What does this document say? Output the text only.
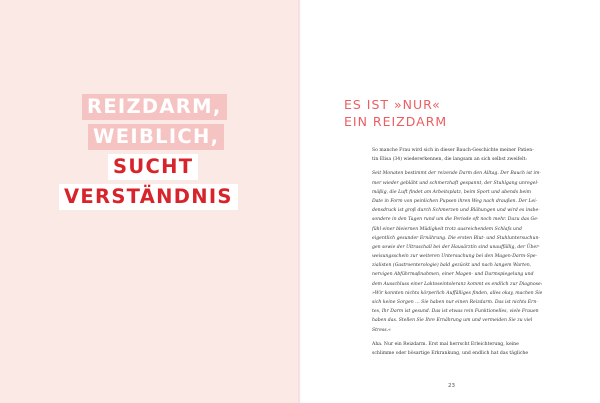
REIZDARM,
WEIBLICH,
SUCHT
VERSTÄNDNIS
ES IST »NUR«
EIN REIZDARM

So manche Frau wird sich in dieser Bauch-Geschichte meiner Patien-
tin Elisa (34) wiedererkennen, die langsam an sich selbst zweifelt:

Seit Monaten bestimmt der reizende Darm den Alltag. Der Bauch ist im-
mer wieder gebläht und schmerzhaft gespannt, der Stuhlgang unregel-
mäßig, die Luft findet am Arbeitsplatz, beim Sport und abends beim
Date in Form von peinlichen Pupsen ihren Weg nach draußen. Der Lei-
densdruck ist groß durch Schmerzen und Blähungen und wird es insbe-
sondere in den Tagen rund um die Periode oft noch mehr. Dazu das Ge-
fühl einer bleiernen Müdigkeit trotz ausreichendem Schlafs und
eigentlich gesunder Ernährung. Die ersten Blut- und Stuhluntersuchun-
gen sowie der Ultraschall bei der Hausärztin sind unauffällig, der Über-
weisungsschein zur weiteren Untersuchung bei den Magen-Darm-Spe-
zialisten (Gastroenterologie) bald gezückt und nach langem Warten,
nervigen Abführmaßnahmen, einer Magen- und Darmspiegelung und
dem Ausschluss einer Laktoseintoleranz kommt es endlich zur Diagnose:
»Wir konnten nichts körperlich Auffälliges finden, alles okay, machen Sie
sich keine Sorgen … Sie haben nur einen Reizdarm. Das ist nichts Ern-
tes, Ihr Darm ist gesund. Das ist etwas rein Funktionelles, viele Frauen
haben das. Stellen Sie Ihre Ernährung um und vermeiden Sie zu viel
Stress.«

Aha. Nur ein Reizdarm. Erst mal herrscht Erleichterung, keine
schlimme oder bösartige Erkrankung, und endlich hat das tägliche

23
